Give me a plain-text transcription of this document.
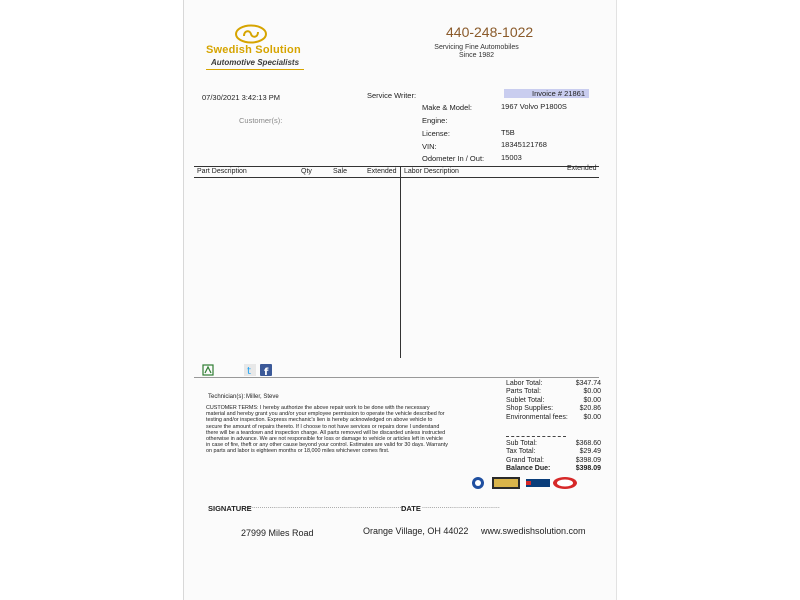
Swedish Solution
Automotive Specialists
440-248-1022
Servicing Fine Automobiles Since 1982
07/30/2021 3:42:13 PM	Service Writer:	Invoice # 21861
Make & Model:	1967 Volvo P1800S
Engine:
Customer(s):
License:	T5B
VIN:	18345121768
Odometer In / Out: 15003
Part Description	Qty	Sale	Extended Labor Description	Extended
t f
Technician(s): Miller, Steve
CUSTOMER TERMS: I hereby authorize the above repair work to be done with the necessary material and hereby grant you and/or your employee permission to operate the vehicle described for testing and/or inspection. Express mechanic's lien is hereby acknowledged on above vehicle to secure the amount of repairs thereto. If I choose to not have services or repairs done I understand there will be a teardown and inspection charge. All parts removed will be discarded unless instructed otherwise in advance. We are not responsible for loss or damage to vehicle or articles left in vehicle in case of fire, theft or any other cause beyond your control. Estimates are valid for 30 days. Warranty on parts and labor is eighteen months or 18,000 miles whichever comes first.
Labor Total:	$347.74
Parts Total:	$0.00
Sublet Total:	$0.00
Shop Supplies:	$20.86
Environmental fees:	$0.00
Sub Total:	$368.60
Tax Total:	$29.49
Grand Total:	$398.09
Balance Due:	$398.09
SIGNATURE
..................................................................................
DATE ........................................
27999 Miles Road	Orange Village, OH 44022 www.swedishsolution.com
